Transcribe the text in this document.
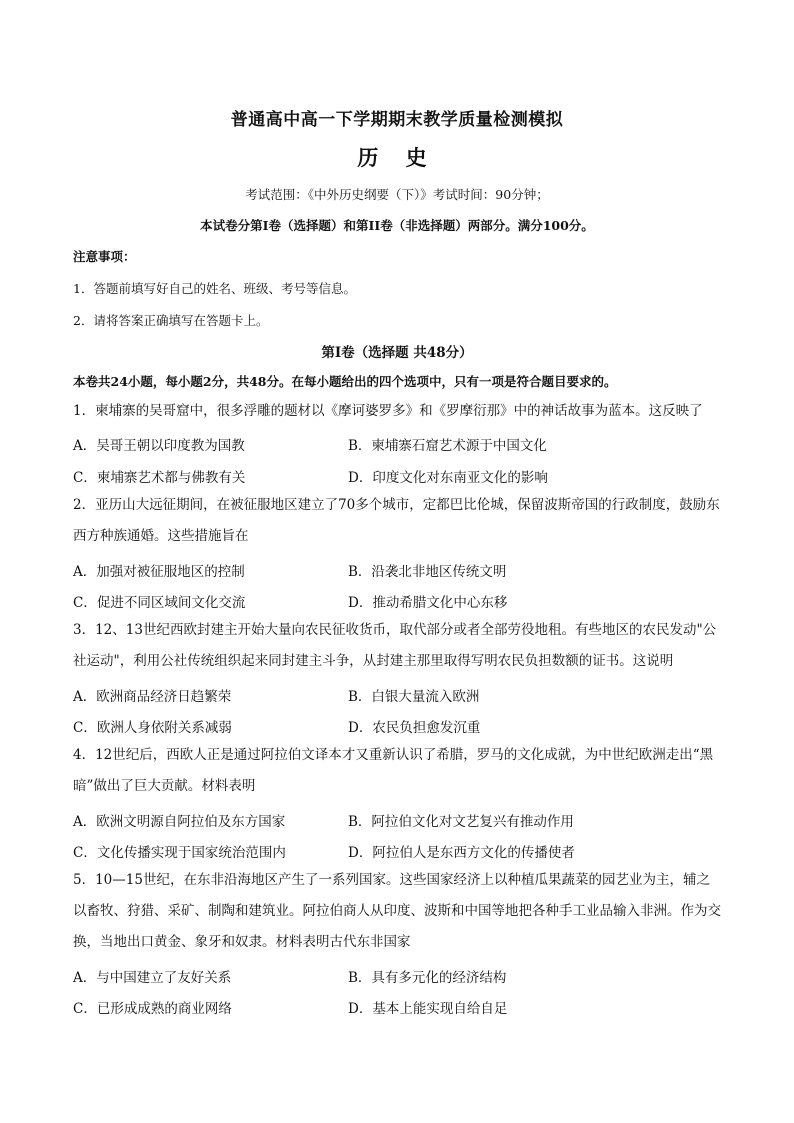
普通高中高一下学期期末教学质量检测模拟
历 史
考试范围：《中外历史纲要（下）》考试时间：90分钟；
本试卷分第I卷（选择题）和第II卷（非选择题）两部分。满分100分。
注意事项：
1．答题前填写好自己的姓名、班级、考号等信息。
2．请将答案正确填写在答题卡上。
第I卷（选择题 共48分）
本卷共24小题，每小题2分，共48分。在每小题给出的四个选项中，只有一项是符合题目要求的。
1．柬埔寨的吴哥窟中，很多浮雕的题材以《摩诃婆罗多》和《罗摩衍那》中的神话故事为蓝本。这反映了
A．吴哥王朝以印度教为国教	B．柬埔寨石窟艺术源于中国文化
C．柬埔寨艺术都与佛教有关	D．印度文化对东南亚文化的影响
2．亚历山大远征期间，在被征服地区建立了70多个城市，定都巴比伦城，保留波斯帝国的行政制度，鼓励东西方种族通婚。这些措施旨在
A．加强对被征服地区的控制	B．沿袭北非地区传统文明
C．促进不同区域间文化交流	D．推动希腊文化中心东移
3．12、13世纪西欧封建主开始大量向农民征收货币，取代部分或者全部劳役地租。有些地区的农民发动"公社运动"，利用公社传统组织起来同封建主斗争，从封建主那里取得写明农民负担数额的证书。这说明
A．欧洲商品经济日趋繁荣	B．白银大量流入欧洲
C．欧洲人身依附关系减弱	D．农民负担愈发沉重
4．12世纪后，西欧人正是通过阿拉伯文译本才又重新认识了希腊，罗马的文化成就，为中世纪欧洲走出“黑暗”做出了巨大贡献。材料表明
A．欧洲文明源自阿拉伯及东方国家	B．阿拉伯文化对文艺复兴有推动作用
C．文化传播实现于国家统治范围内	D．阿拉伯人是东西方文化的传播使者
5．10—15世纪，在东非沿海地区产生了一系列国家。这些国家经济上以种植瓜果蔬菜的园艺业为主，辅之以畜牧、狩猎、采矿、制陶和建筑业。阿拉伯商人从印度、波斯和中国等地把各种手工业品输入非洲。作为交换，当地出口黄金、象牙和奴隶。材料表明古代东非国家
A．与中国建立了友好关系	B．具有多元化的经济结构
C．已形成成熟的商业网络	D．基本上能实现自给自足
